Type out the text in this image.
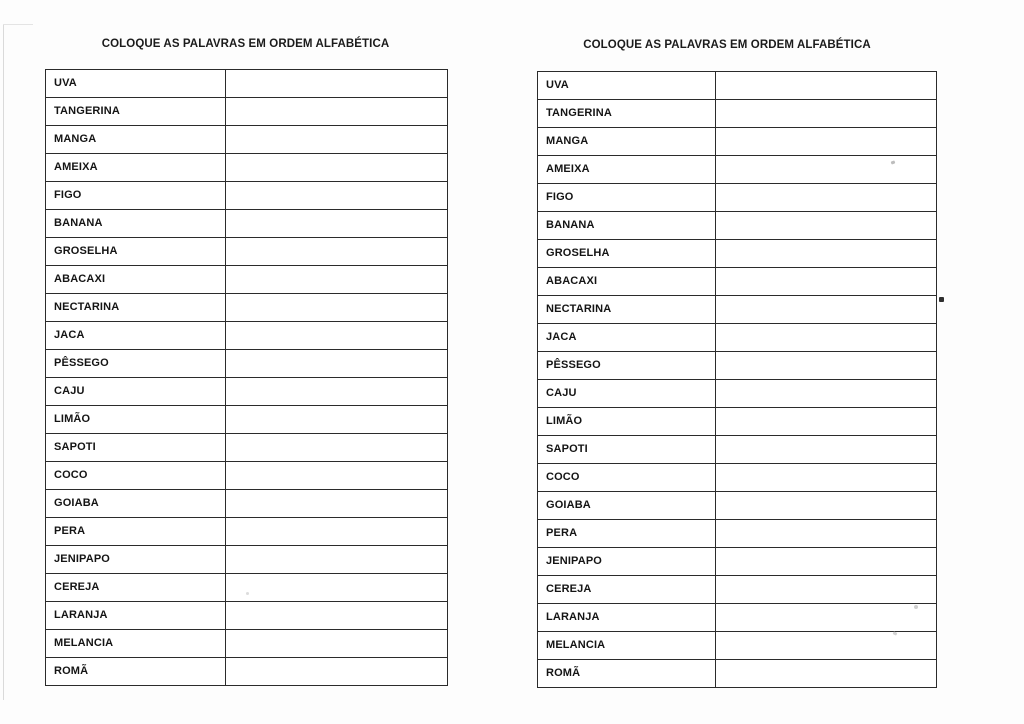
COLOQUE AS PALAVRAS EM ORDEM ALFABÉTICA
UVA	
TANGERINA	
MANGA	
AMEIXA	
FIGO	
BANANA	
GROSELHA	
ABACAXI	
NECTARINA	
JACA	
PÊSSEGO	
CAJU	
LIMÃO	
SAPOTI	
COCO	
GOIABA	
PERA	
JENIPAPO	
CEREJA	
LARANJA	
MELANCIA	
ROMÃ	
COLOQUE AS PALAVRAS EM ORDEM ALFABÉTICA
UVA	
TANGERINA	
MANGA	
AMEIXA	
FIGO	
BANANA	
GROSELHA	
ABACAXI	
NECTARINA	
JACA	
PÊSSEGO	
CAJU	
LIMÃO	
SAPOTI	
COCO	
GOIABA	
PERA	
JENIPAPO	
CEREJA	
LARANJA	
MELANCIA	
ROMÃ	
